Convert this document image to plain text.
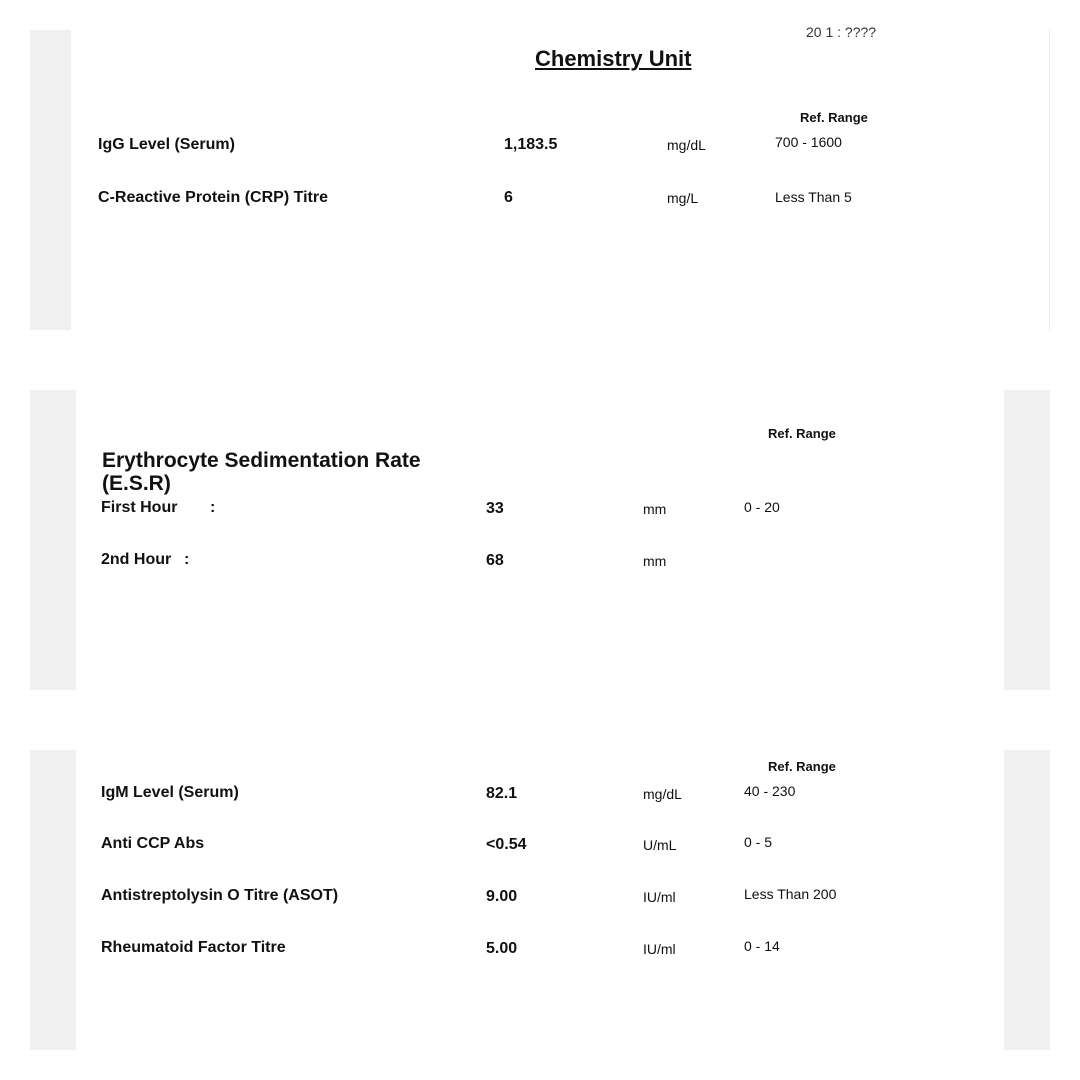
20 1 : ????
Chemistry Unit
Ref. Range
IgG Level (Serum)	1,183.5	mg/dL	700 - 1600
C-Reactive Protein (CRP) Titre	6	mg/L	Less Than 5
Ref. Range
Erythrocyte Sedimentation Rate
(E.S.R)
First Hour :	33	mm	0 - 20
2nd Hour :	68	mm
Ref. Range
IgM Level (Serum)	82.1	mg/dL	40 - 230
Anti CCP Abs	<0.54	U/mL	0 - 5
Antistreptolysin O Titre (ASOT)	9.00	IU/ml	Less Than 200
Rheumatoid Factor Titre	5.00	IU/ml	0 - 14
